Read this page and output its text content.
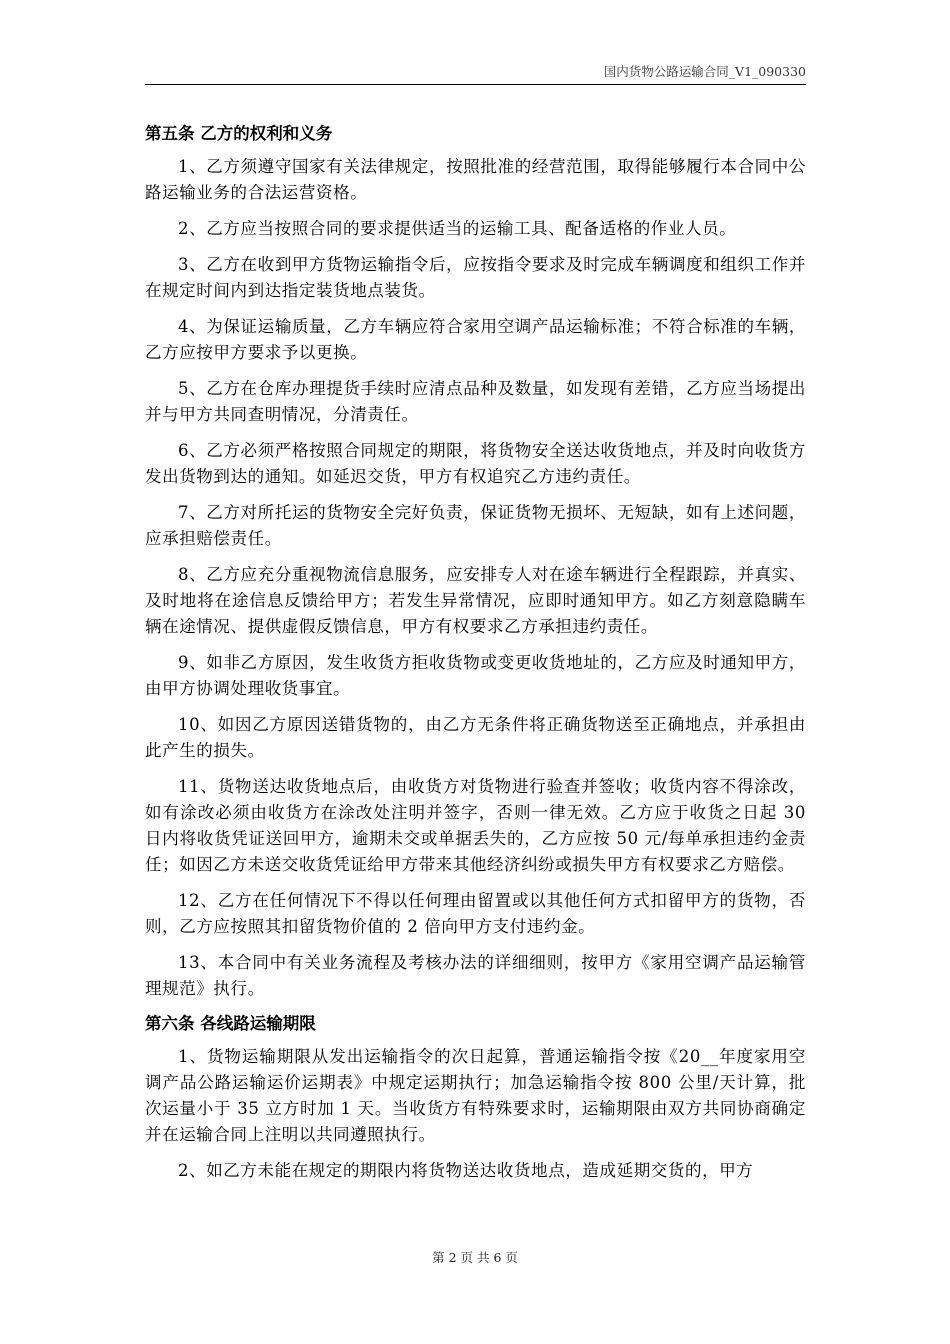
国内货物公路运输合同_V1_090330
第五条 乙方的权利和义务

1、乙方须遵守国家有关法律规定，按照批准的经营范围，取得能够履行本合同中公路运输业务的合法运营资格。

2、乙方应当按照合同的要求提供适当的运输工具、配备适格的作业人员。

3、乙方在收到甲方货物运输指令后，应按指令要求及时完成车辆调度和组织工作并在规定时间内到达指定装货地点装货。

4、为保证运输质量，乙方车辆应符合家用空调产品运输标准；不符合标准的车辆，乙方应按甲方要求予以更换。

5、乙方在仓库办理提货手续时应清点品种及数量，如发现有差错，乙方应当场提出并与甲方共同查明情况，分清责任。

6、乙方必须严格按照合同规定的期限，将货物安全送达收货地点，并及时向收货方发出货物到达的通知。如延迟交货，甲方有权追究乙方违约责任。

7、乙方对所托运的货物安全完好负责，保证货物无损坏、无短缺，如有上述问题，应承担赔偿责任。

8、乙方应充分重视物流信息服务，应安排专人对在途车辆进行全程跟踪，并真实、及时地将在途信息反馈给甲方；若发生异常情况，应即时通知甲方。如乙方刻意隐瞒车辆在途情况、提供虚假反馈信息，甲方有权要求乙方承担违约责任。

9、如非乙方原因，发生收货方拒收货物或变更收货地址的，乙方应及时通知甲方，由甲方协调处理收货事宜。

10、如因乙方原因送错货物的，由乙方无条件将正确货物送至正确地点，并承担由此产生的损失。

11、货物送达收货地点后，由收货方对货物进行验查并签收；收货内容不得涂改，如有涂改必须由收货方在涂改处注明并签字，否则一律无效。乙方应于收货之日起 30 日内将收货凭证送回甲方，逾期未交或单据丢失的，乙方应按 50 元/每单承担违约金责任；如因乙方未送交收货凭证给甲方带来其他经济纠纷或损失甲方有权要求乙方赔偿。

12、乙方在任何情况下不得以任何理由留置或以其他任何方式扣留甲方的货物，否则，乙方应按照其扣留货物价值的 2 倍向甲方支付违约金。

13、本合同中有关业务流程及考核办法的详细细则，按甲方《家用空调产品运输管理规范》执行。

第六条 各线路运输期限

1、货物运输期限从发出运输指令的次日起算，普通运输指令按《20__年度家用空调产品公路运输运价运期表》中规定运期执行；加急运输指令按 800 公里/天计算，批次运量小于 35 立方时加 1 天。当收货方有特殊要求时，运输期限由双方共同协商确定并在运输合同上注明以共同遵照执行。

2、如乙方未能在规定的期限内将货物送达收货地点，造成延期交货的，甲方

第 2 页 共 6 页
